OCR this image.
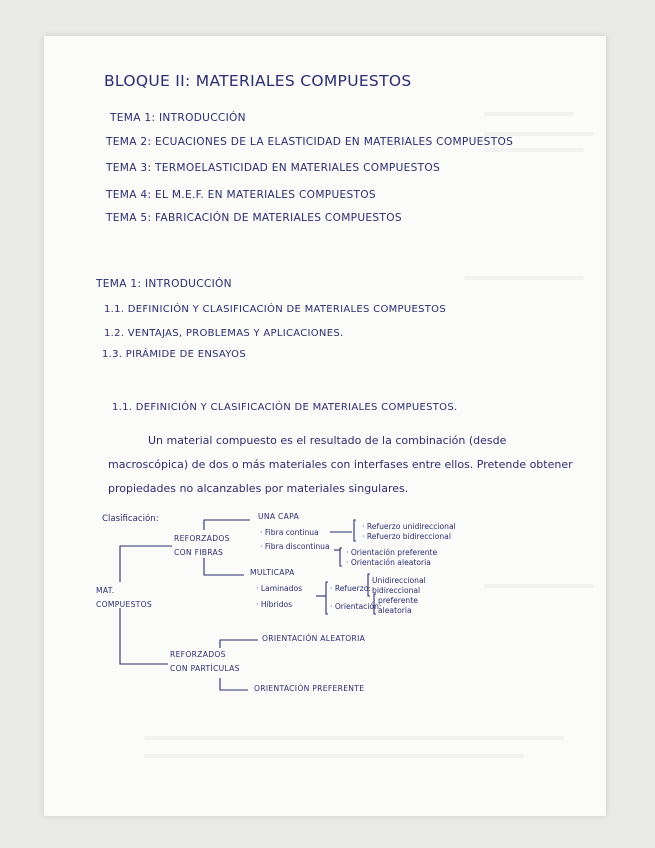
BLOQUE II: MATERIALES COMPUESTOS
TEMA 1: INTRODUCCIÓN
TEMA 2: ECUACIONES DE LA ELASTICIDAD EN MATERIALES COMPUESTOS
TEMA 3: TERMOELASTICIDAD EN MATERIALES COMPUESTOS
TEMA 4: EL M.E.F. EN MATERIALES COMPUESTOS
TEMA 5: FABRICACIÓN DE MATERIALES COMPUESTOS
TEMA 1: INTRODUCCIÓN
1.1. DEFINICIÓN Y CLASIFICACIÓN DE MATERIALES COMPUESTOS
1.2. VENTAJAS, PROBLEMAS Y APLICACIONES.
1.3. PIRÁMIDE DE ENSAYOS
1.1. DEFINICIÓN Y CLASIFICACIÓN DE MATERIALES COMPUESTOS.
Un material compuesto es el resultado de la combinación (desde macroscópica) de dos o más materiales con interfases entre ellos. Pretende obtener propiedades no alcanzables por materiales singulares.
Clasificación:
MAT.
COMPUESTOS
REFORZADOS
CON FIBRAS
UNA CAPA
· Fibra continua
· Fibra discontinua
· Refuerzo unidireccional
· Refuerzo bidireccional
· Orientación preferente
· Orientación aleatoria
MULTICAPA
· Laminados
· Híbridos
· Refuerzo:
Unidireccional
bidireccional
· Orientación:
preferente
aleatoria
REFORZADOS
CON PARTÍCULAS
ORIENTACIÓN ALEATORIA
ORIENTACIÓN PREFERENTE
